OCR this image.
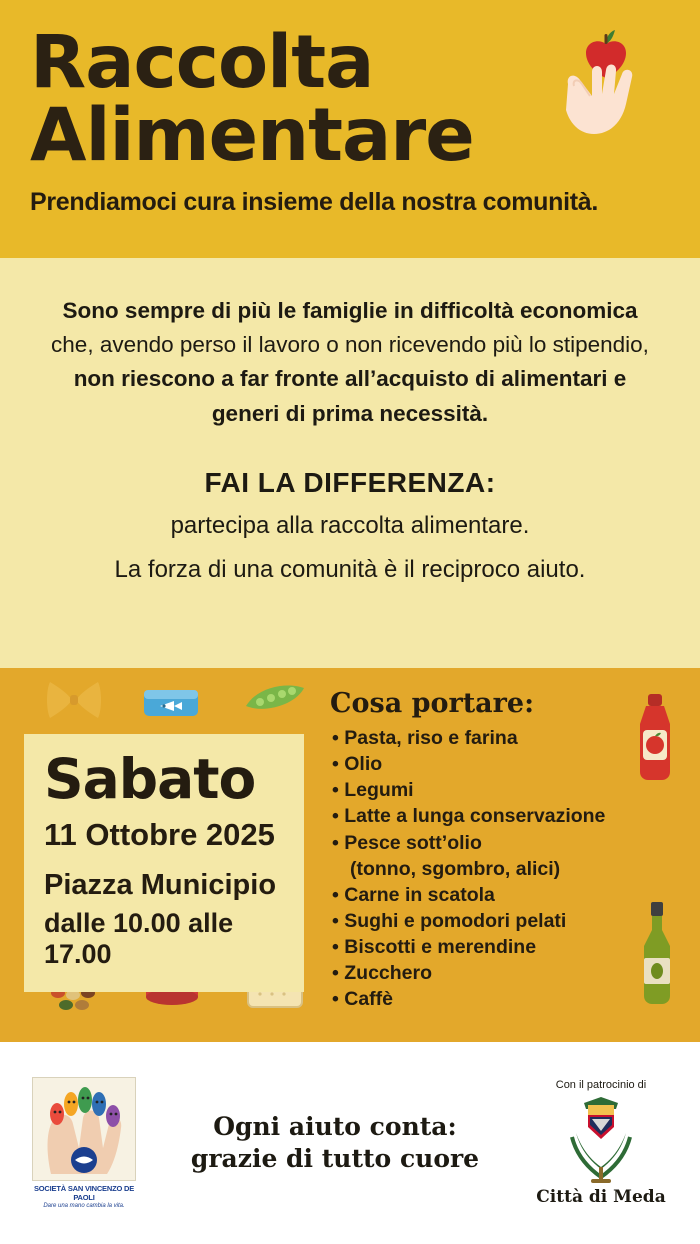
Raccolta
Alimentare
Prendiamoci cura insieme della nostra comunità.

Sono sempre di più le famiglie in difficoltà economica che, avendo perso il lavoro o non ricevendo più lo stipendio, non riescono a far fronte all’acquisto di alimentari e generi di prima necessità.

FAI LA DIFFERENZA:
partecipa alla raccolta alimentare.
La forza di una comunità è il reciproco aiuto.
Sabato
11 Ottobre 2025
Piazza Municipio
dalle 10.00 alle 17.00
Cosa portare:
• Pasta, riso e farina
• Olio
• Legumi
• Latte a lunga conservazione
• Pesce sott’olio
(tonno, sgombro, alici)
• Carne in scatola
• Sughi e pomodori pelati
• Biscotti e merendine
• Zucchero
• Caffè
SOCIETÀ SAN VINCENZO DE PAOLI
Dare una mano cambia la vita.
Ogni aiuto conta:
grazie di tutto cuore
Con il patrocinio di
Città di Meda
